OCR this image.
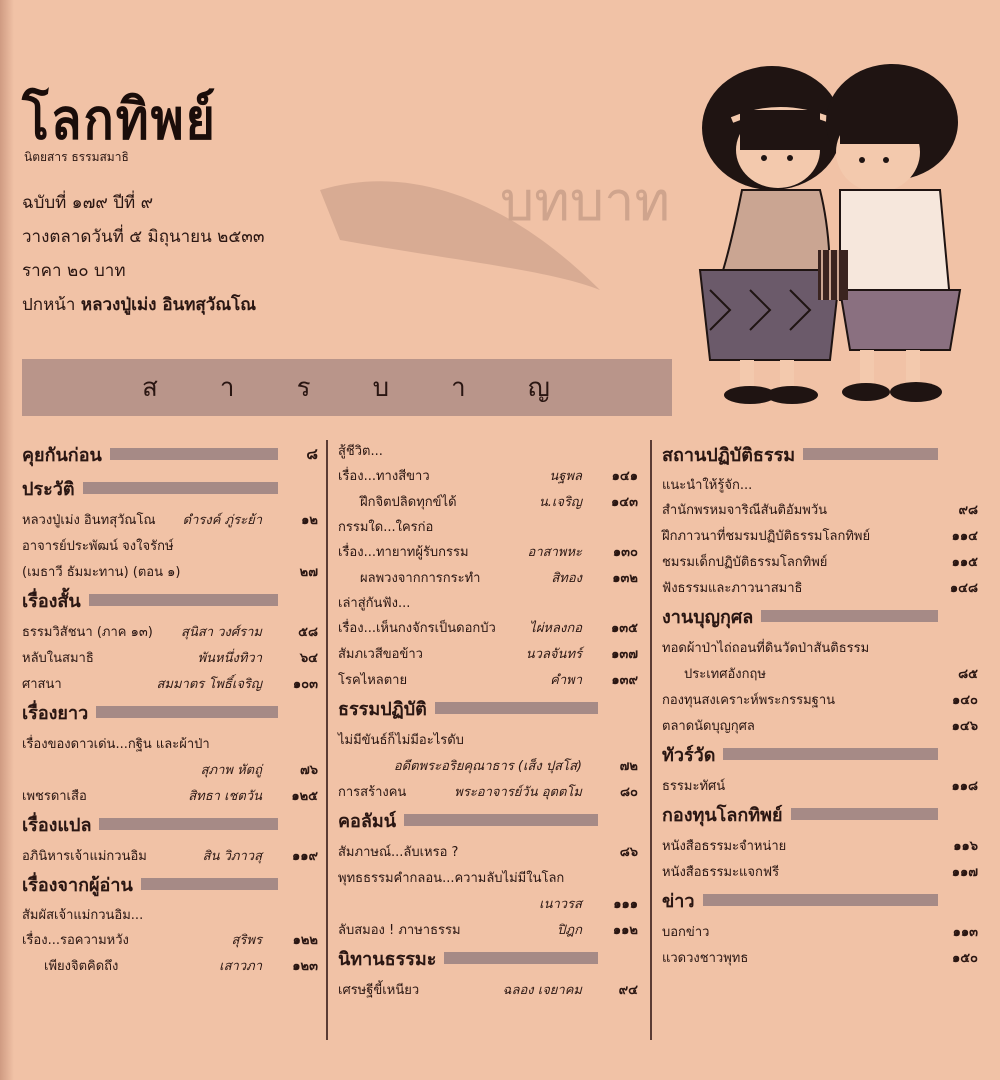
บทบาท
โลกทิพย์
นิตยสาร ธรรมสมาธิ
ฉบับที่ ๑๗๙ ปีที่ ๙
วางตลาดวันที่ ๕ มิถุนายน ๒๕๓๓
ราคา ๒๐ บาท
ปกหน้า หลวงปู่เม่ง อินทสุวัณโณ
ส า ร บ า ญ
คุยกันก่อน	๘
ประวัติ
หลวงปู่เม่ง อินทสุวัณโณ	ดำรงค์ ภู่ระย้า	๑๒
อาจารย์ประพัฒน์ จงใจรักษ์
(เมธาวี ธัมมะทาน) (ตอน ๑)	๒๗
เรื่องสั้น
ธรรมวิสัชนา (ภาค ๑๓)	สุนิสา วงศ์ราม	๕๘
หลับในสมาธิ	พันหนึ่งทิวา	๖๔
ศาสนา	สมมาตร โพธิ์เจริญ	๑๐๓
เรื่องยาว
เรื่องของดาวเด่น...กฐิน และผ้าป่า
สุภาพ หัตถู่	๗๖
เพชรดาเสือ	สิทธา เชตวัน	๑๒๕
เรื่องแปล
อภินิหารเจ้าแม่กวนอิม	สิน วิภาวสุ	๑๑๙
เรื่องจากผู้อ่าน
สัมผัสเจ้าแม่กวนอิม...
เรื่อง...รอความหวัง	สุริพร	๑๒๒
เพียงจิตคิดถึง	เสาวภา	๑๒๓
สู้ชีวิต...
เรื่อง...ทางสีขาว	นฐพล	๑๔๑
ฝึกจิตปลิดทุกข์ได้	น.เจริญ	๑๔๓
กรรมใด...ใครก่อ
เรื่อง...ทายาทผู้รับกรรม	อาสาพหะ	๑๓๐
ผลพวงจากการกระทำ	สิทอง	๑๓๒
เล่าสู่กันฟัง...
เรื่อง...เห็นกงจักรเป็นดอกบัว	ไผ่หลงกอ	๑๓๕
สัมภเวสีขอข้าว	นวลจันทร์	๑๓๗
โรคไหลตาย	คำพา	๑๓๙
ธรรมปฏิบัติ
ไม่มีขันธ์ก็ไม่มีอะไรดับ
อดีตพระอริยคุณาธาร (เส็ง ปุสโส)	๗๒
การสร้างคน	พระอาจารย์วัน อุตตโม	๘๐
คอลัมน์
สัมภาษณ์...ลับเหรอ ?	๘๖
พุทธธรรมคำกลอน...ความลับไม่มีในโลก
เนาวรส	๑๑๑
ลับสมอง ! ภาษาธรรม	ปิฎก	๑๑๒
นิทานธรรมะ
เศรษฐีขี้เหนียว	ฉลอง เจยาคม	๙๔
สถานปฏิบัติธรรม
แนะนำให้รู้จัก...
สำนักพรหมจาริณีสันติอัมพวัน	๙๘
ฝึกภาวนาที่ชมรมปฏิบัติธรรมโลกทิพย์	๑๑๔
ชมรมเด็กปฏิบัติธรรมโลกทิพย์	๑๑๕
ฟังธรรมและภาวนาสมาธิ	๑๔๘
งานบุญกุศล
ทอดผ้าป่าไถ่ถอนที่ดินวัดป่าสันติธรรม
ประเทศอังกฤษ	๘๕
กองทุนสงเคราะห์พระกรรมฐาน	๑๔๐
ตลาดนัดบุญกุศล	๑๔๖
ทัวร์วัด
ธรรมะทัศน์	๑๑๘
กองทุนโลกทิพย์
หนังสือธรรมะจำหน่าย	๑๑๖
หนังสือธรรมะแจกฟรี	๑๑๗
ข่าว
บอกข่าว	๑๑๓
แวดวงชาวพุทธ	๑๕๐
